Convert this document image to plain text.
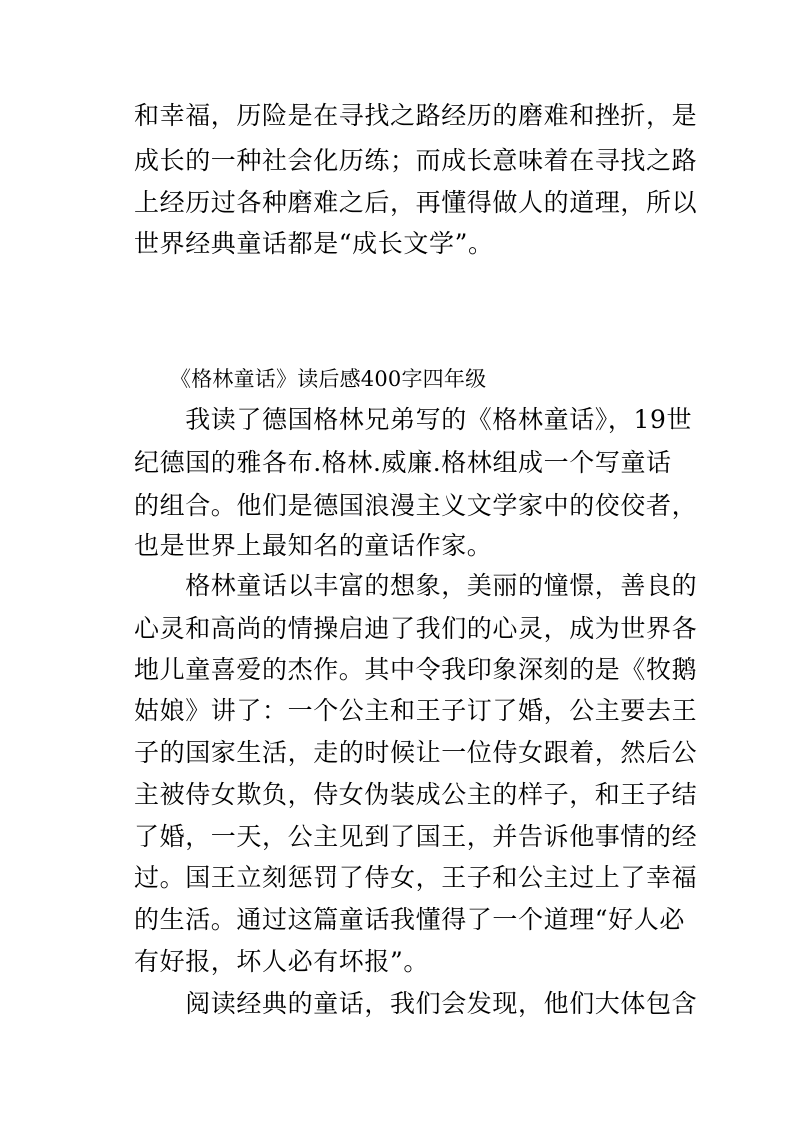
和幸福，历险是在寻找之路经历的磨难和挫折，是
成长的一种社会化历练；而成长意味着在寻找之路
上经历过各种磨难之后，再懂得做人的道理，所以
世界经典童话都是“成长文学”。
《格林童话》读后感400字四年级
　　我读了德国格林兄弟写的《格林童话》，19世
纪德国的雅各布.格林.威廉.格林组成一个写童话
的组合。他们是德国浪漫主义文学家中的佼佼者，
也是世界上最知名的童话作家。
　　格林童话以丰富的想象，美丽的憧憬，善良的
心灵和高尚的情操启迪了我们的心灵，成为世界各
地儿童喜爱的杰作。其中令我印象深刻的是《牧鹅
姑娘》讲了：一个公主和王子订了婚，公主要去王
子的国家生活，走的时候让一位侍女跟着，然后公
主被侍女欺负，侍女伪装成公主的样子，和王子结
了婚，一天，公主见到了国王，并告诉他事情的经
过。国王立刻惩罚了侍女，王子和公主过上了幸福
的生活。通过这篇童话我懂得了一个道理“好人必
有好报，坏人必有坏报”。
　　阅读经典的童话，我们会发现，他们大体包含
